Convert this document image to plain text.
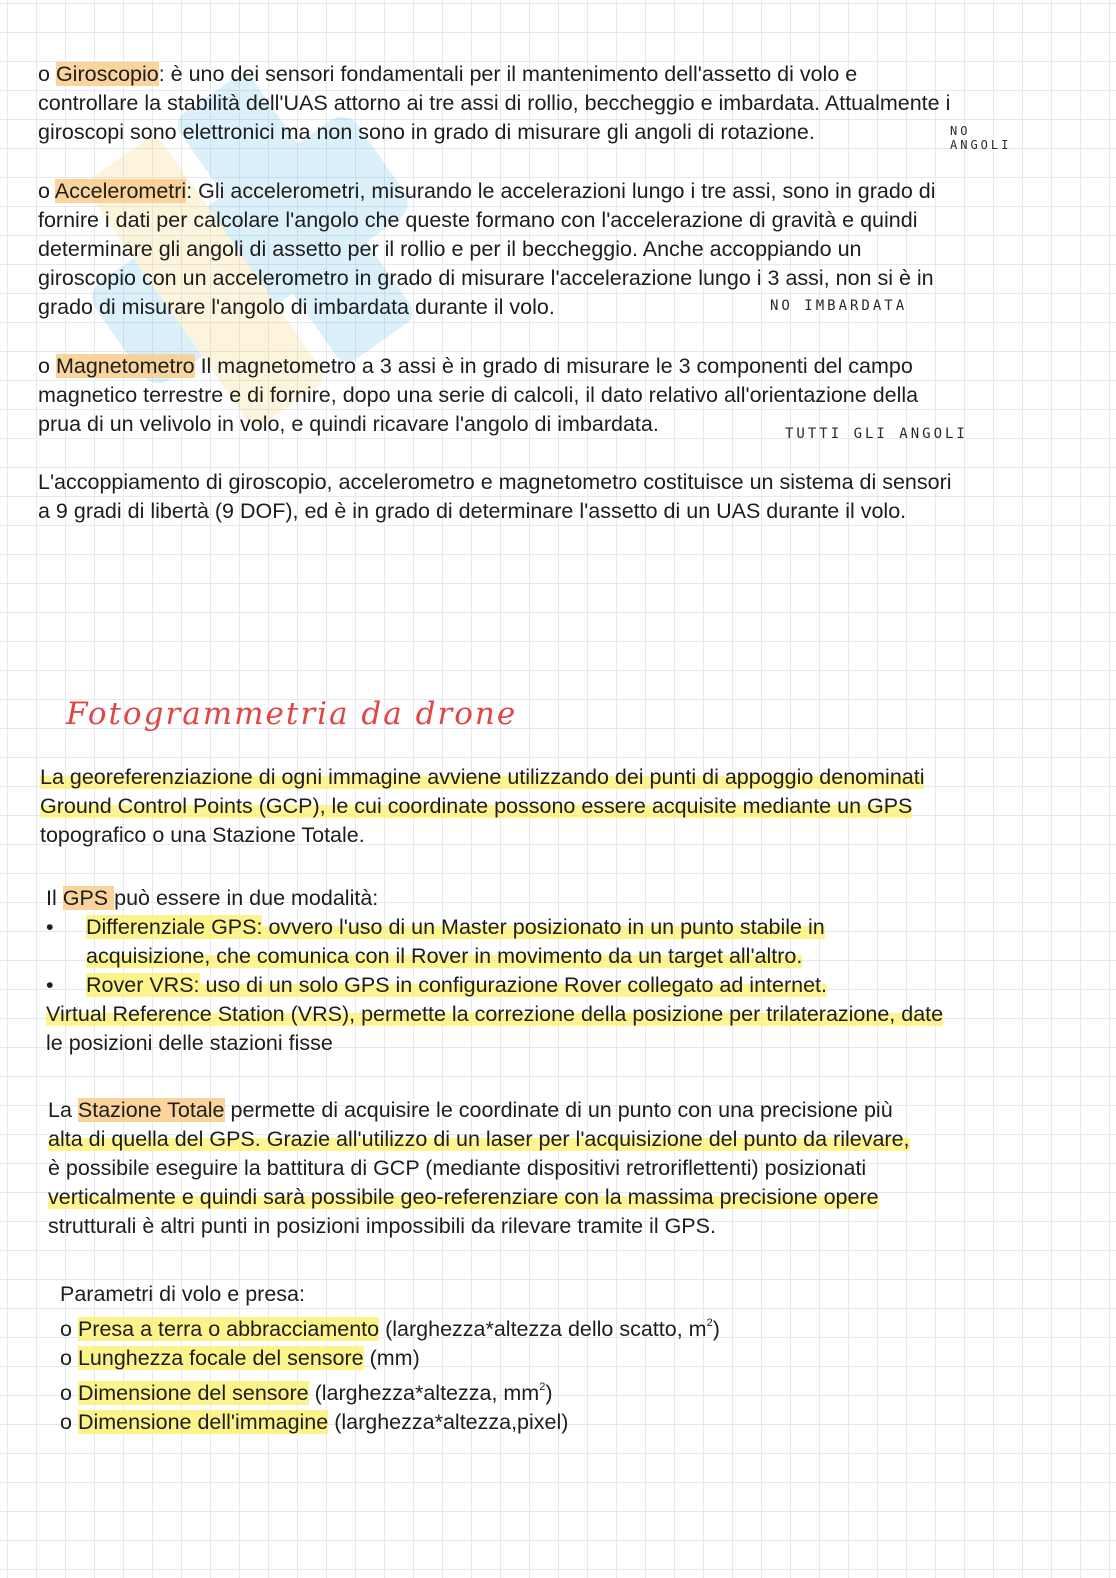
o Giroscopio: è uno dei sensori fondamentali per il mantenimento dell'assetto di volo e
controllare la stabilità dell'UAS attorno ai tre assi di rollio, beccheggio e imbardata. Attualmente i
giroscopi sono elettronici ma non sono in grado di misurare gli angoli di rotazione.	NO
ANGOLI
o Accelerometri: Gli accelerometri, misurando le accelerazioni lungo i tre assi, sono in grado di
fornire i dati per calcolare l'angolo che queste formano con l'accelerazione di gravità e quindi
determinare gli angoli di assetto per il rollio e per il beccheggio. Anche accoppiando un
giroscopio con un accelerometro in grado di misurare l'accelerazione lungo i 3 assi, non si è in
grado di misurare l'angolo di imbardata durante il volo.	NO IMBARDATA
o Magnetometro Il magnetometro a 3 assi è in grado di misurare le 3 componenti del campo
magnetico terrestre e di fornire, dopo una serie di calcoli, il dato relativo all'orientazione della
prua di un velivolo in volo, e quindi ricavare l'angolo di imbardata.	TUTTI GLI ANGOLI
L'accoppiamento di giroscopio, accelerometro e magnetometro costituisce un sistema di sensori
a 9 gradi di libertà (9 DOF), ed è in grado di determinare l'assetto di un UAS durante il volo.
Fotogrammetria da drone
La georeferenziazione di ogni immagine avviene utilizzando dei punti di appoggio denominati
Ground Control Points (GCP), le cui coordinate possono essere acquisite mediante un GPS
topografico o una Stazione Totale.
Il GPS può essere in due modalità:
• Differenziale GPS: ovvero l'uso di un Master posizionato in un punto stabile in
acquisizione, che comunica con il Rover in movimento da un target all'altro.
• Rover VRS: uso di un solo GPS in configurazione Rover collegato ad internet.
Virtual Reference Station (VRS), permette la correzione della posizione per trilaterazione, date
le posizioni delle stazioni fisse
La Stazione Totale permette di acquisire le coordinate di un punto con una precisione più
alta di quella del GPS. Grazie all'utilizzo di un laser per l'acquisizione del punto da rilevare,
è possibile eseguire la battitura di GCP (mediante dispositivi retroriflettenti) posizionati
verticalmente e quindi sarà possibile geo-referenziare con la massima precisione opere
strutturali è altri punti in posizioni impossibili da rilevare tramite il GPS.
Parametri di volo e presa:
o Presa a terra o abbracciamento (larghezza*altezza dello scatto, $m^2$)
o Lunghezza focale del sensore (mm)
o Dimensione del sensore (larghezza*altezza, $mm^2$)
o Dimensione dell'immagine (larghezza*altezza,pixel)
